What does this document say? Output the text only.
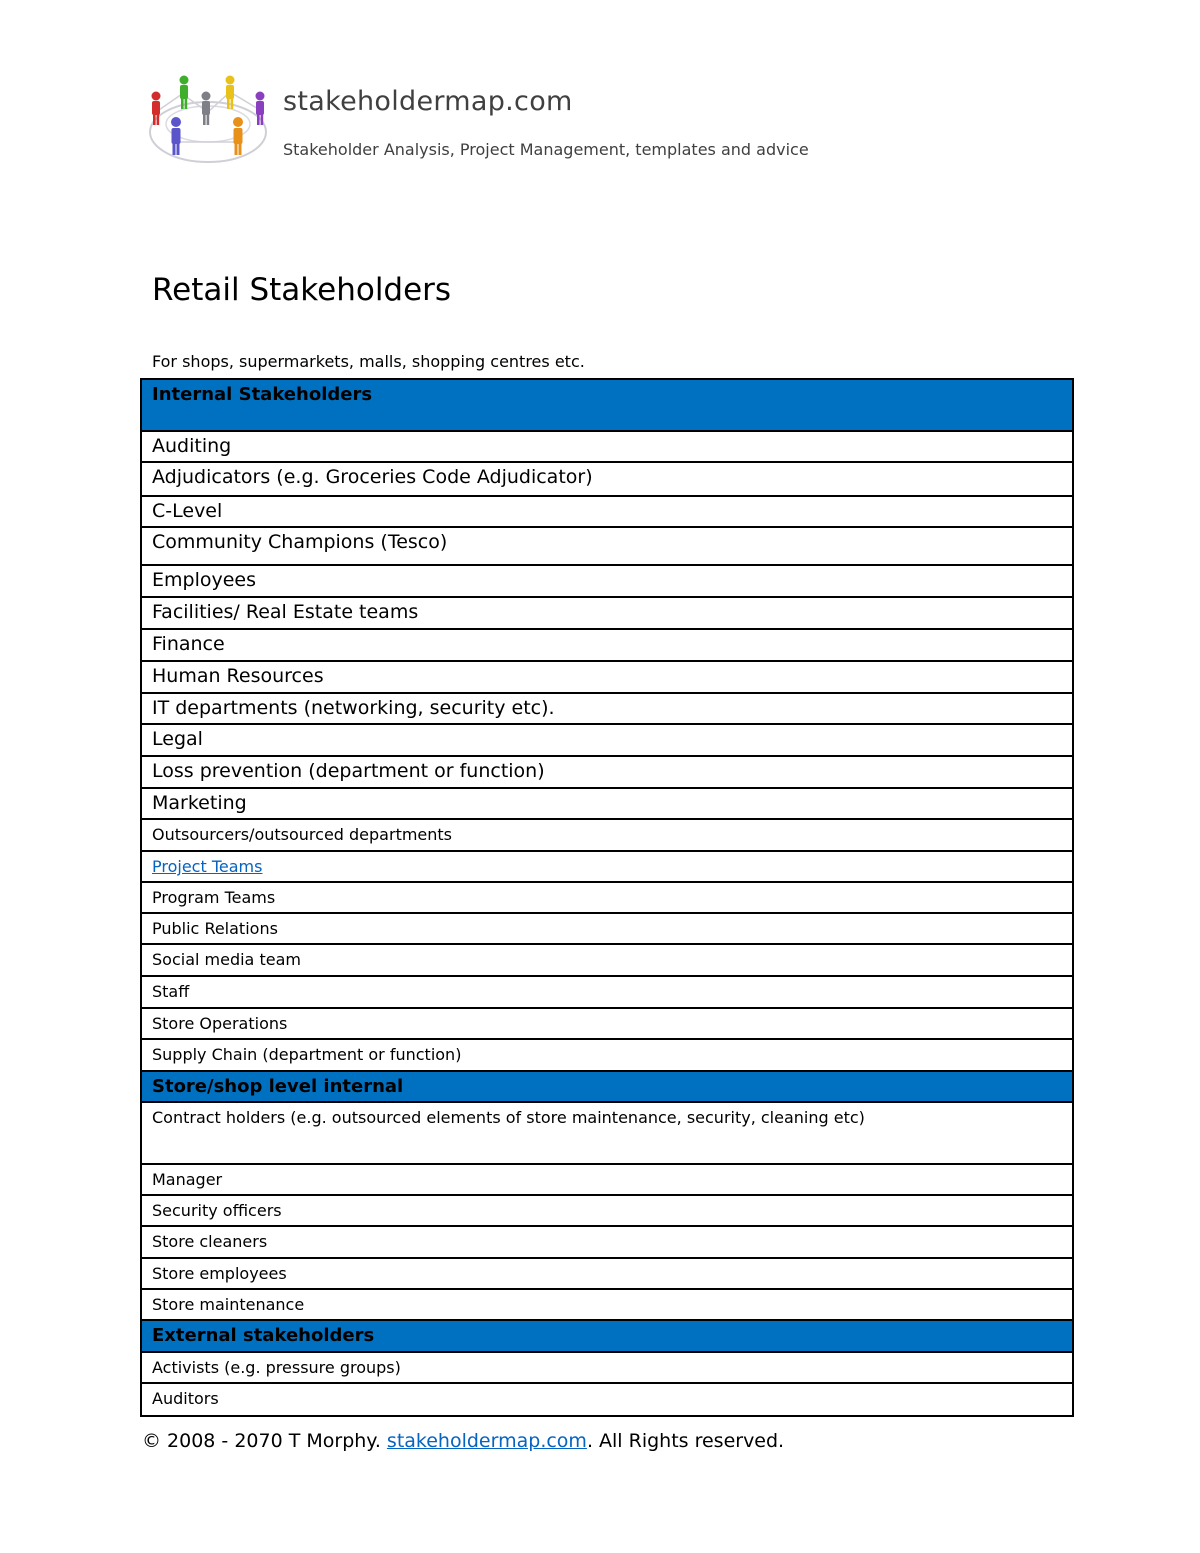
stakeholdermap.com
Stakeholder Analysis, Project Management, templates and advice
Retail Stakeholders
For shops, supermarkets, malls, shopping centres etc.
Internal Stakeholders
Auditing
Adjudicators (e.g. Groceries Code Adjudicator)
C-Level
Community Champions (Tesco)
Employees
Facilities/ Real Estate teams
Finance
Human Resources
IT departments (networking, security etc).
Legal
Loss prevention (department or function)
Marketing
Outsourcers/outsourced departments
Project Teams
Program Teams
Public Relations
Social media team
Staff
Store Operations
Supply Chain (department or function)
Store/shop level internal
Contract holders (e.g. outsourced elements of store maintenance, security, cleaning etc)
Manager
Security officers
Store cleaners
Store employees
Store maintenance
External stakeholders
Activists (e.g. pressure groups)
Auditors
© 2008 - 2070 T Morphy. stakeholdermap.com. All Rights reserved.
